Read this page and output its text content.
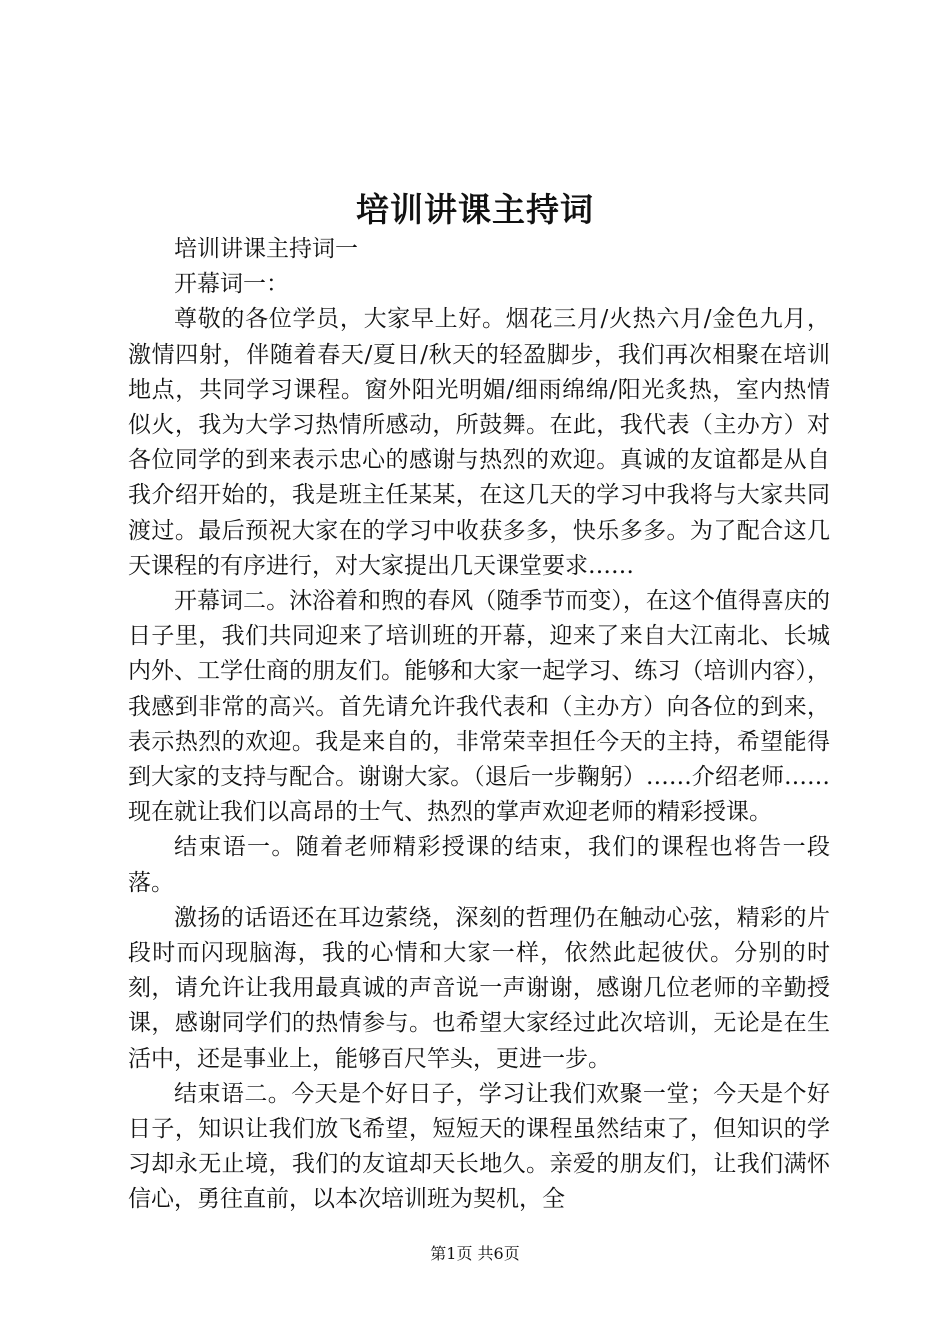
培训讲课主持词

培训讲课主持词一

开幕词一：

尊敬的各位学员，大家早上好。烟花三月/火热六月/金色九月，激情四射，伴随着春天/夏日/秋天的轻盈脚步，我们再次相聚在培训地点，共同学习课程。窗外阳光明媚/细雨绵绵/阳光炙热，室内热情似火，我为大学习热情所感动，所鼓舞。在此，我代表（主办方）对各位同学的到来表示忠心的感谢与热烈的欢迎。真诚的友谊都是从自我介绍开始的，我是班主任某某，在这几天的学习中我将与大家共同渡过。最后预祝大家在的学习中收获多多，快乐多多。为了配合这几天课程的有序进行，对大家提出几天课堂要求……

开幕词二。沐浴着和煦的春风（随季节而变），在这个值得喜庆的日子里，我们共同迎来了培训班的开幕，迎来了来自大江南北、长城内外、工学仕商的朋友们。能够和大家一起学习、练习（培训内容），我感到非常的高兴。首先请允许我代表和（主办方）向各位的到来，表示热烈的欢迎。我是来自的，非常荣幸担任今天的主持，希望能得到大家的支持与配合。谢谢大家。（退后一步鞠躬）……介绍老师……现在就让我们以高昂的士气、热烈的掌声欢迎老师的精彩授课。

结束语一。随着老师精彩授课的结束，我们的课程也将告一段落。

激扬的话语还在耳边萦绕，深刻的哲理仍在触动心弦，精彩的片段时而闪现脑海，我的心情和大家一样，依然此起彼伏。分别的时刻，请允许让我用最真诚的声音说一声谢谢，感谢几位老师的辛勤授课，感谢同学们的热情参与。也希望大家经过此次培训，无论是在生活中，还是事业上，能够百尺竿头，更进一步。

结束语二。今天是个好日子，学习让我们欢聚一堂；今天是个好日子，知识让我们放飞希望，短短天的课程虽然结束了，但知识的学习却永无止境，我们的友谊却天长地久。亲爱的朋友们，让我们满怀信心，勇往直前，以本次培训班为契机，全

第1页 共6页
